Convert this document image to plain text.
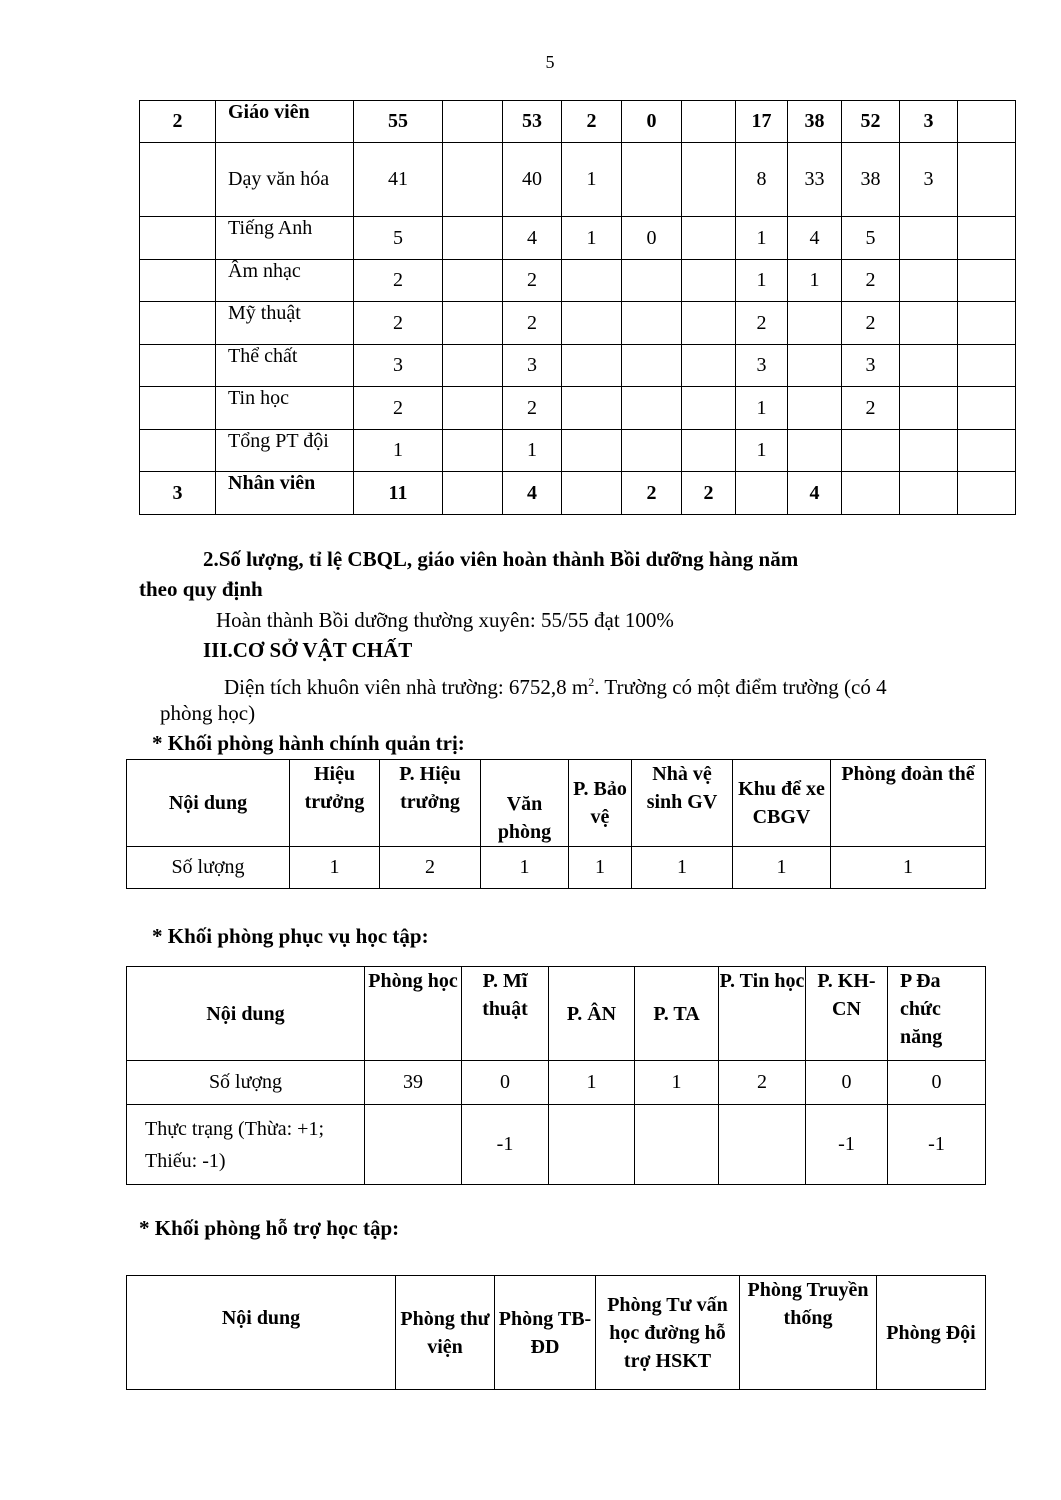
5
2	Giáo viên	55		53	2	0		17	38	52	3	
	Dạy văn hóa	41		40	1			8	33	38	3	
	Tiếng Anh	5		4	1	0		1	4	5		
	Âm nhạc	2		2				1	1	2		
	Mỹ thuật	2		2				2		2		
	Thể chất	3		3				3		3		
	Tin học	2		2				1		2		
	Tổng PT đội	1		1				1				
3	Nhân viên	11		4		2	2		4			
2.Số lượng, tỉ lệ CBQL, giáo viên hoàn thành Bồi dưỡng hàng năm
theo quy định
Hoàn thành Bồi dưỡng thường xuyên: 55/55 đạt 100%
III.CƠ SỞ VẬT CHẤT
Diện tích khuôn viên nhà trường: 6752,8 $m^2$. Trường có một điểm trường (có 4
phòng học)
* Khối phòng hành chính quản trị:
Nội dung	Hiệu trưởng	P. Hiệu trưởng	Văn phòng	P. Bảo vệ	Nhà vệ sinh GV	Khu để xe CBGV	Phòng đoàn thể
Số lượng	1	2	1	1	1	1	1
* Khối phòng phục vụ học tập:
Nội dung	Phòng học	P. Mĩ thuật	P. ÂN	P. TA	P. Tin học	P. KH-CN	P Đa chức năng
Số lượng	39	0	1	1	2	0	0
Thực trạng (Thừa: +1; Thiếu: -1)		-1				-1	-1
* Khối phòng hỗ trợ học tập:
Nội dung	Phòng thư viện	Phòng TB-ĐD	Phòng Tư vấn học đường hỗ trợ HSKT	Phòng Truyền thống	Phòng Đội
